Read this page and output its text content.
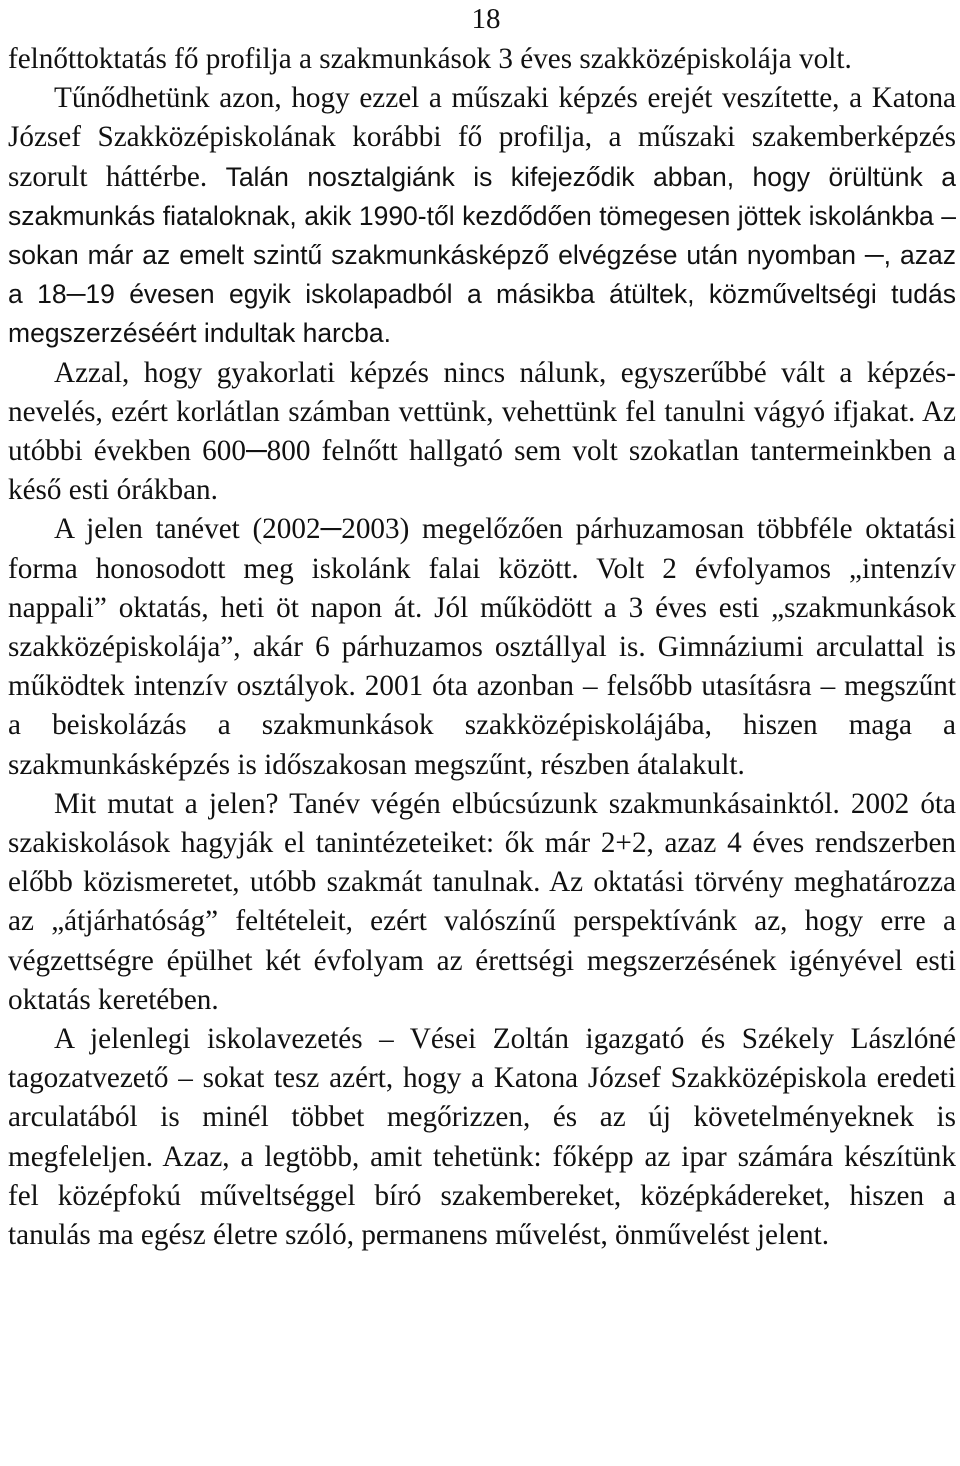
18

felnőttoktatás fő profilja a szakmunkások 3 éves szakközépiskolája volt.

Tűnődhetünk azon, hogy ezzel a műszaki képzés erejét veszítette, a Katona József Szakközépiskolának korábbi fő profilja, a műszaki szakemberképzés szorult háttérbe. Talán nosztalgiánk is kifejeződik abban, hogy örültünk a szakmunkás fiataloknak, akik 1990-től kezdődően tömegesen jöttek iskolánkba – sokan már az emelt szintű szakmunkásképző elvégzése után nyomban ─, azaz a 18─19 évesen egyik iskolapadból a másikba átültek, közműveltségi tudás megszerzéséért indultak harcba.

Azzal, hogy gyakorlati képzés nincs nálunk, egyszerűbbé vált a képzés-nevelés, ezért korlátlan számban vettünk, vehettünk fel tanulni vágyó ifjakat. Az utóbbi években 600─800 felnőtt hallgató sem volt szokatlan tantermeinkben a késő esti órákban.

A jelen tanévet (2002─2003) megelőzően párhuzamosan többféle oktatási forma honosodott meg iskolánk falai között. Volt 2 évfolyamos „intenzív nappali” oktatás, heti öt napon át. Jól működött a 3 éves esti „szakmunkások szakközépiskolája”, akár 6 párhuzamos osztállyal is. Gimnáziumi arculattal is működtek intenzív osztályok. 2001 óta azonban – felsőbb utasításra – megszűnt a beiskolázás a szakmunkások szakközépiskolájába, hiszen maga a szakmunkásképzés is időszakosan megszűnt, részben átalakult.

Mit mutat a jelen? Tanév végén elbúcsúzunk szakmunkásainktól. 2002 óta szakiskolások hagyják el tanintézeteiket: ők már 2+2, azaz 4 éves rendszerben előbb közismeretet, utóbb szakmát tanulnak. Az oktatási törvény meghatározza az „átjárhatóság” feltételeit, ezért valószínű perspektívánk az, hogy erre a végzettségre épülhet két évfolyam az érettségi megszerzésének igényével esti oktatás keretében.

A jelenlegi iskolavezetés – Vései Zoltán igazgató és Székely Lászlóné tagozatvezető – sokat tesz azért, hogy a Katona József Szakközépiskola eredeti arculatából is minél többet megőrizzen, és az új követelményeknek is megfeleljen. Azaz, a legtöbb, amit tehetünk: főképp az ipar számára készítünk fel középfokú műveltséggel bíró szakembereket, középkádereket, hiszen a tanulás ma egész életre szóló, permanens művelést, önművelést jelent.
